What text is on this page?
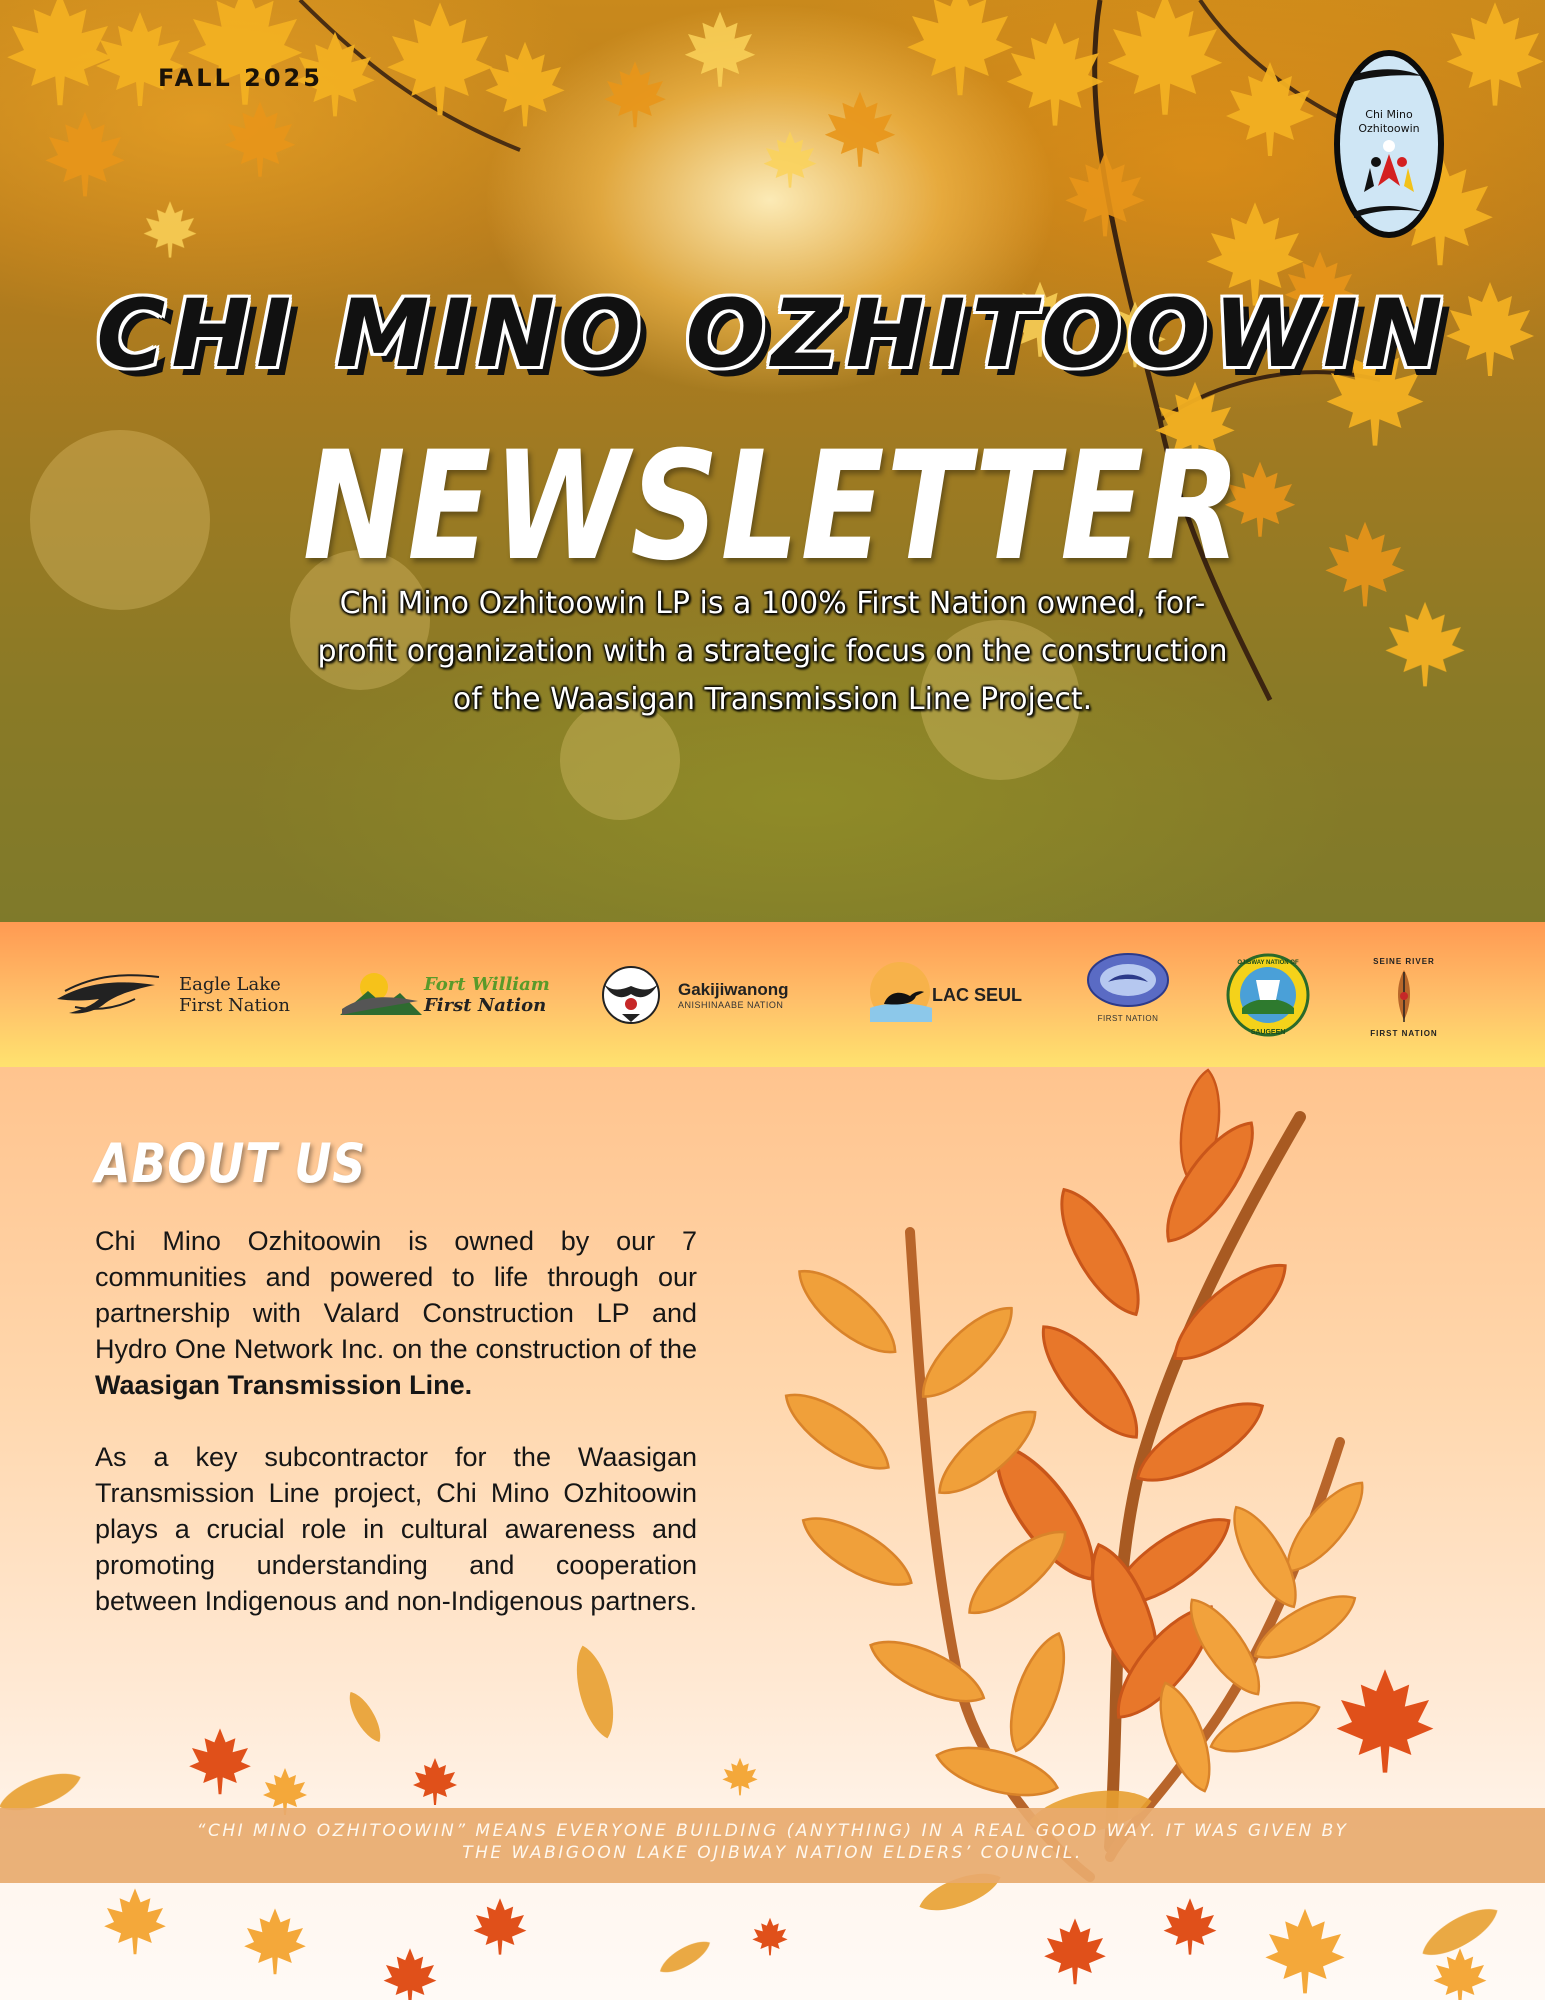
FALL 2025
Chi Mino
Ozhitoowin
CHI MINO OZHITOOWIN
NEWSLETTER
Chi Mino Ozhitoowin LP is a 100% First Nation owned, for-profit organization with a strategic focus on the construction of the Waasigan Transmission Line Project.
Eagle Lake
First Nation
Fort William
First Nation
Gakijiwanong
ANISHINAABE NATION
LAC SEUL
FIRST NATION
OJIBWAY NATION OF
SAUGEEN
SEINE RIVER
FIRST NATION
ABOUT US

Chi Mino Ozhitoowin is owned by our 7 communities and powered to life through our partnership with Valard Construction LP and Hydro One Network Inc. on the construction of the Waasigan Transmission Line.

As a key subcontractor for the Waasigan Transmission Line project, Chi Mino Ozhitoowin plays a crucial role in cultural awareness and promoting understanding and cooperation between Indigenous and non-Indigenous partners.

“CHI MINO OZHITOOWIN” MEANS EVERYONE BUILDING (ANYTHING) IN A REAL GOOD WAY. IT WAS GIVEN BY
THE WABIGOON LAKE OJIBWAY NATION ELDERS’ COUNCIL.
